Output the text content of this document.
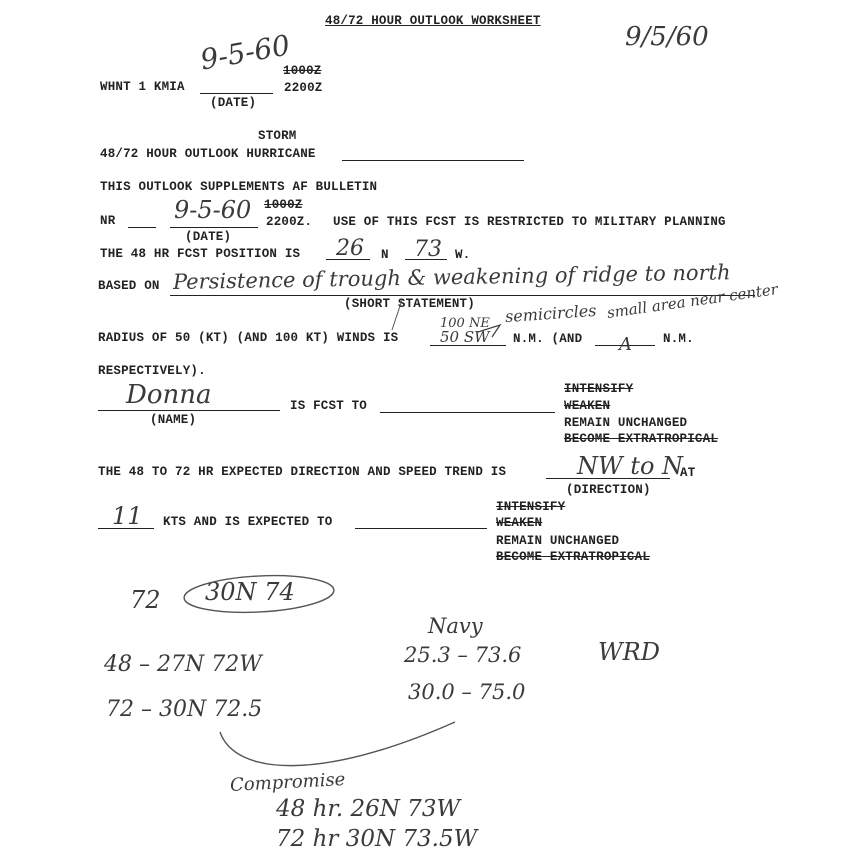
48/72 HOUR OUTLOOK WORKSHEET
9/5/60
WHNT 1 KMIA
9-5-60
(DATE)
1000Z
2200Z
STORM
48/72 HOUR OUTLOOK HURRICANE
THIS OUTLOOK SUPPLEMENTS AF BULLETIN
NR 9-5-60
(DATE)
1000Z
2200Z. USE OF THIS FCST IS RESTRICTED TO MILITARY PLANNING
THE 48 HR FCST POSITION IS 26 N 73 W.
BASED ON Persistence of trough & weakening of ridge to north
(SHORT STATEMENT)
RADIUS OF 50 (KT) (AND 100 KT) WINDS IS
100 NE
50 SW
semicircles
N.M. (AND
small area near center
A N.M.
RESPECTIVELY).
Donna
(NAME)
IS FCST TO
INTENSIFY
WEAKEN
REMAIN UNCHANGED
BECOME EXTRATROPICAL
THE 48 TO 72 HR EXPECTED DIRECTION AND SPEED TREND IS	NW to N
AT
(DIRECTION)
11 KTS AND IS EXPECTED TO
INTENSIFY
WEAKEN
REMAIN UNCHANGED
BECOME EXTRATROPICAL
72 30N 74
Navy
25.3 – 73.6	WRD
48 – 27N 72W
30.0 – 75.0
72 – 30N 72.5
Compromise
48 hr. 26N 73W
72 hr 30N 73.5W
